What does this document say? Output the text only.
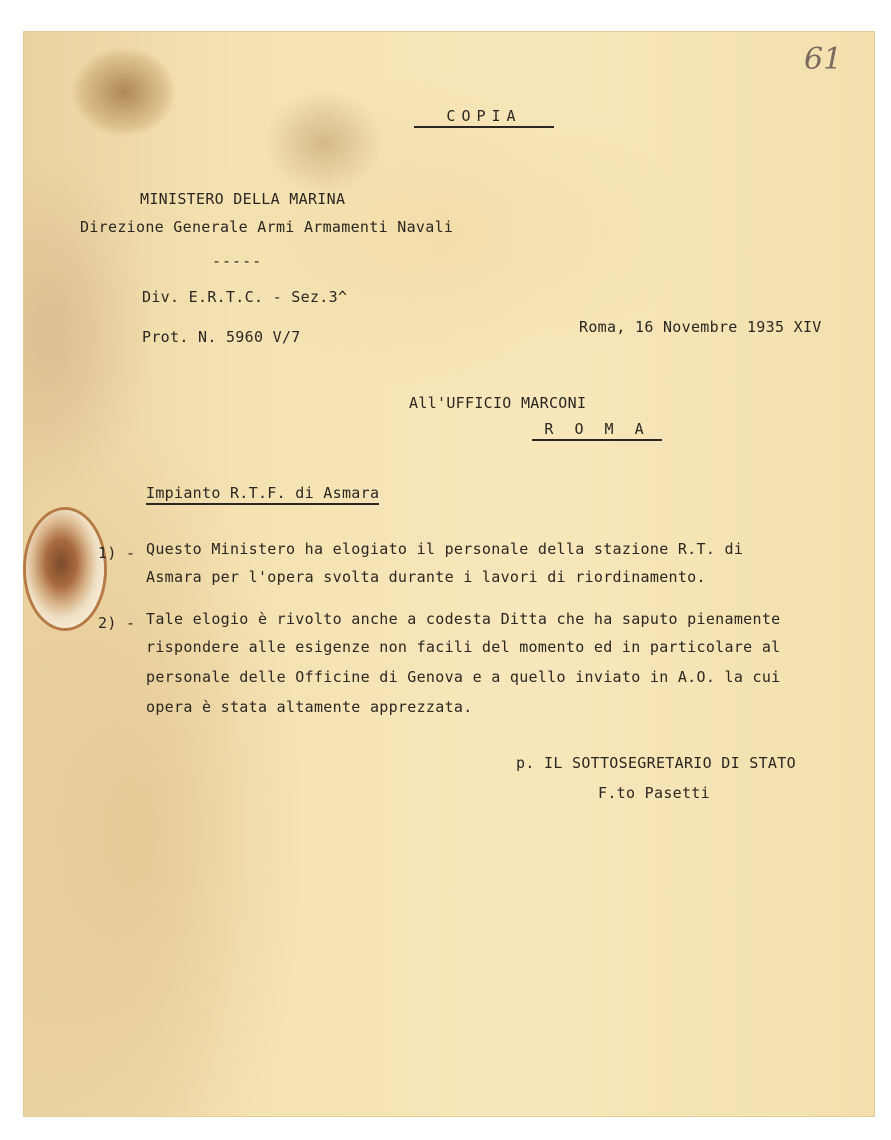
61
COPIA
MINISTERO DELLA MARINA
Direzione Generale Armi Armamenti Navali
-----
Div. E.R.T.C. - Sez.3^
Prot. N. 5960 V/7
Roma, 16 Novembre 1935 XIV
All'UFFICIO MARCONI
R O M A
Impianto R.T.F. di Asmara
1) - Questo Ministero ha elogiato il personale della stazione R.T. di
Asmara per l'opera svolta durante i lavori di riordinamento.
2) - Tale elogio è rivolto anche a codesta Ditta che ha saputo pienamente
rispondere alle esigenze non facili del momento ed in particolare al
personale delle Officine di Genova e a quello inviato in A.O. la cui
opera è stata altamente apprezzata.
p. IL SOTTOSEGRETARIO DI STATO
F.to Pasetti
